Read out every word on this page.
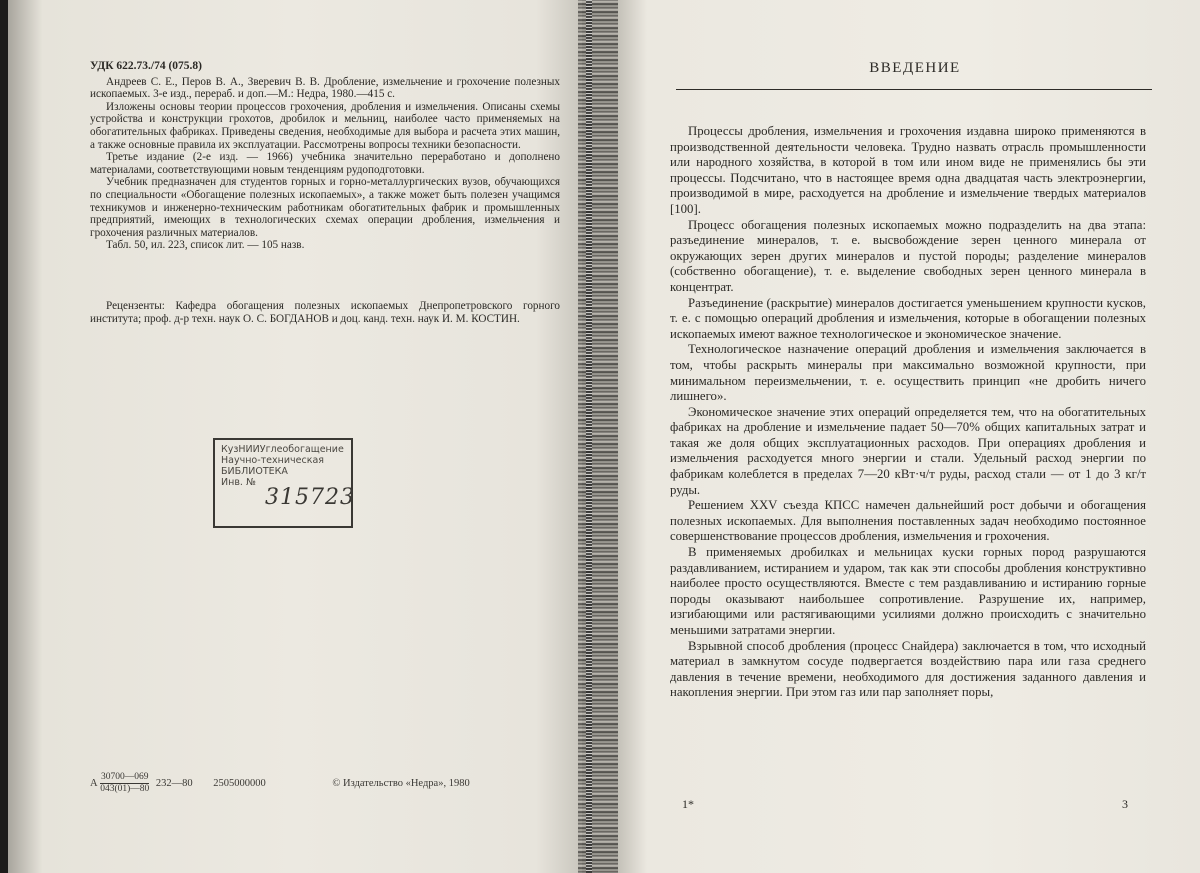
УДК 622.73./74 (075.8)

Андреев С. Е., Перов В. А., Зверевич В. В. Дробление, измельчение и грохочение полезных ископаемых. 3-е изд., перераб. и доп.—М.: Недра, 1980.—415 с.

Изложены основы теории процессов грохочения, дробления и измельчения. Описаны схемы устройства и конструкции грохотов, дробилок и мельниц, наиболее часто применяемых на обогатительных фабриках. Приведены сведения, необходимые для выбора и расчета этих машин, а также основные правила их эксплуатации. Рассмотрены вопросы техники безопасности.

Третье издание (2-е изд. — 1966) учебника значительно переработано и дополнено материалами, соответствующими новым тенденциям рудоподготовки.

Учебник предназначен для студентов горных и горно-металлургических вузов, обучающихся по специальности «Обогащение полезных ископаемых», а также может быть полезен учащимся техникумов и инженерно-техническим работникам обогатительных фабрик и промышленных предприятий, имеющих в технологических схемах операции дробления, измельчения и грохочения различных материалов.

Табл. 50, ил. 223, список лит. — 105 назв.

Рецензенты: Кафедра обогащения полезных ископаемых Днепропетровского горного института; проф. д-р техн. наук О. С. БОГДАНОВ и доц. канд. техн. наук И. М. КОСТИН.

КузНИИУглеобогащение
Научно-техническая
БИБЛИОТЕКА
Инв. №
315723
А $\frac{30700—069}{043(01)—80}$ 232—80 2505000000	© Издательство «Недра», 1980
ВВЕДЕНИЕ

Процессы дробления, измельчения и грохочения издавна широко применяются в производственной деятельности человека. Трудно назвать отрасль промышленности или народного хозяйства, в которой в том или ином виде не применялись бы эти процессы. Подсчитано, что в настоящее время одна двадцатая часть электроэнергии, производимой в мире, расходуется на дробление и измельчение твердых материалов [100].

Процесс обогащения полезных ископаемых можно подразделить на два этапа: разъединение минералов, т. е. высвобождение зерен ценного минерала от окружающих зерен других минералов и пустой породы; разделение минералов (собственно обогащение), т. е. выделение свободных зерен ценного минерала в концентрат.

Разъединение (раскрытие) минералов достигается уменьшением крупности кусков, т. е. с помощью операций дробления и измельчения, которые в обогащении полезных ископаемых имеют важное технологическое и экономическое значение.

Технологическое назначение операций дробления и измельчения заключается в том, чтобы раскрыть минералы при максимально возможной крупности, при минимальном переизмельчении, т. е. осуществить принцип «не дробить ничего лишнего».

Экономическое значение этих операций определяется тем, что на обогатительных фабриках на дробление и измельчение падает 50—70% общих капитальных затрат и такая же доля общих эксплуатационных расходов. При операциях дробления и измельчения расходуется много энергии и стали. Удельный расход энергии по фабрикам колеблется в пределах 7—20 кВт·ч/т руды, расход стали — от 1 до 3 кг/т руды.

Решением XXV съезда КПСС намечен дальнейший рост добычи и обогащения полезных ископаемых. Для выполнения поставленных задач необходимо постоянное совершенствование процессов дробления, измельчения и грохочения.

В применяемых дробилках и мельницах куски горных пород разрушаются раздавливанием, истиранием и ударом, так как эти способы дробления конструктивно наиболее просто осуществляются. Вместе с тем раздавливанию и истиранию горные породы оказывают наибольшее сопротивление. Разрушение их, например, изгибающими или растягивающими усилиями должно происходить с значительно меньшими затратами энергии.

Взрывной способ дробления (процесс Снайдера) заключается в том, что исходный материал в замкнутом сосуде подвергается воздействию пара или газа среднего давления в течение времени, необходимого для достижения заданного давления и накопления энергии. При этом газ или пар заполняет поры,

1*	3
